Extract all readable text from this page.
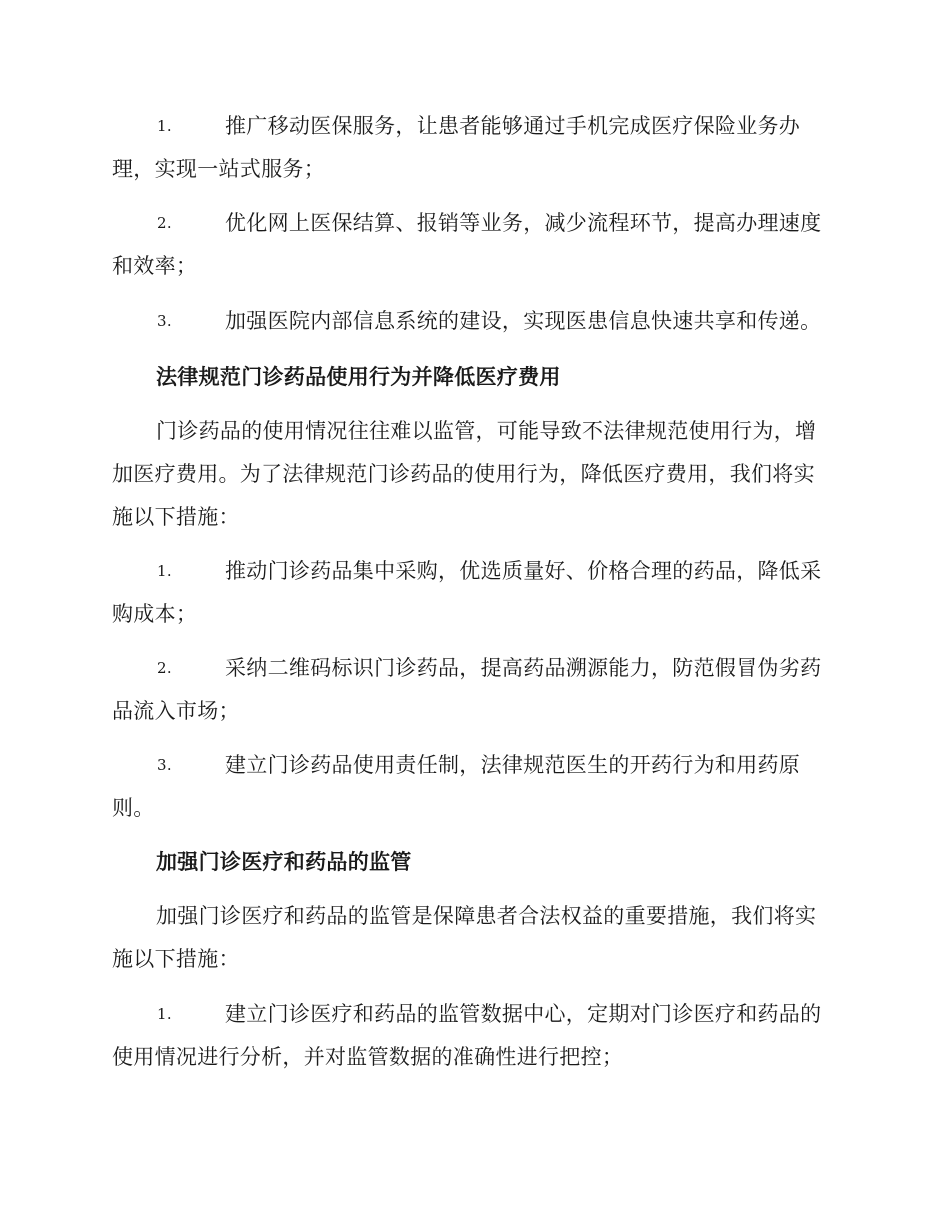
1.	推广移动医保服务，让患者能够通过手机完成医疗保险业务办理，实现一站式服务；
2.	优化网上医保结算、报销等业务，减少流程环节，提高办理速度和效率；
3.	加强医院内部信息系统的建设，实现医患信息快速共享和传递。
法律规范门诊药品使用行为并降低医疗费用
门诊药品的使用情况往往难以监管，可能导致不法律规范使用行为，增加医疗费用。为了法律规范门诊药品的使用行为，降低医疗费用，我们将实施以下措施：
1.	推动门诊药品集中采购，优选质量好、价格合理的药品，降低采购成本；
2.	采纳二维码标识门诊药品，提高药品溯源能力，防范假冒伪劣药品流入市场；
3.	建立门诊药品使用责任制，法律规范医生的开药行为和用药原则。
加强门诊医疗和药品的监管
加强门诊医疗和药品的监管是保障患者合法权益的重要措施，我们将实施以下措施：
1.	建立门诊医疗和药品的监管数据中心，定期对门诊医疗和药品的使用情况进行分析，并对监管数据的准确性进行把控；
